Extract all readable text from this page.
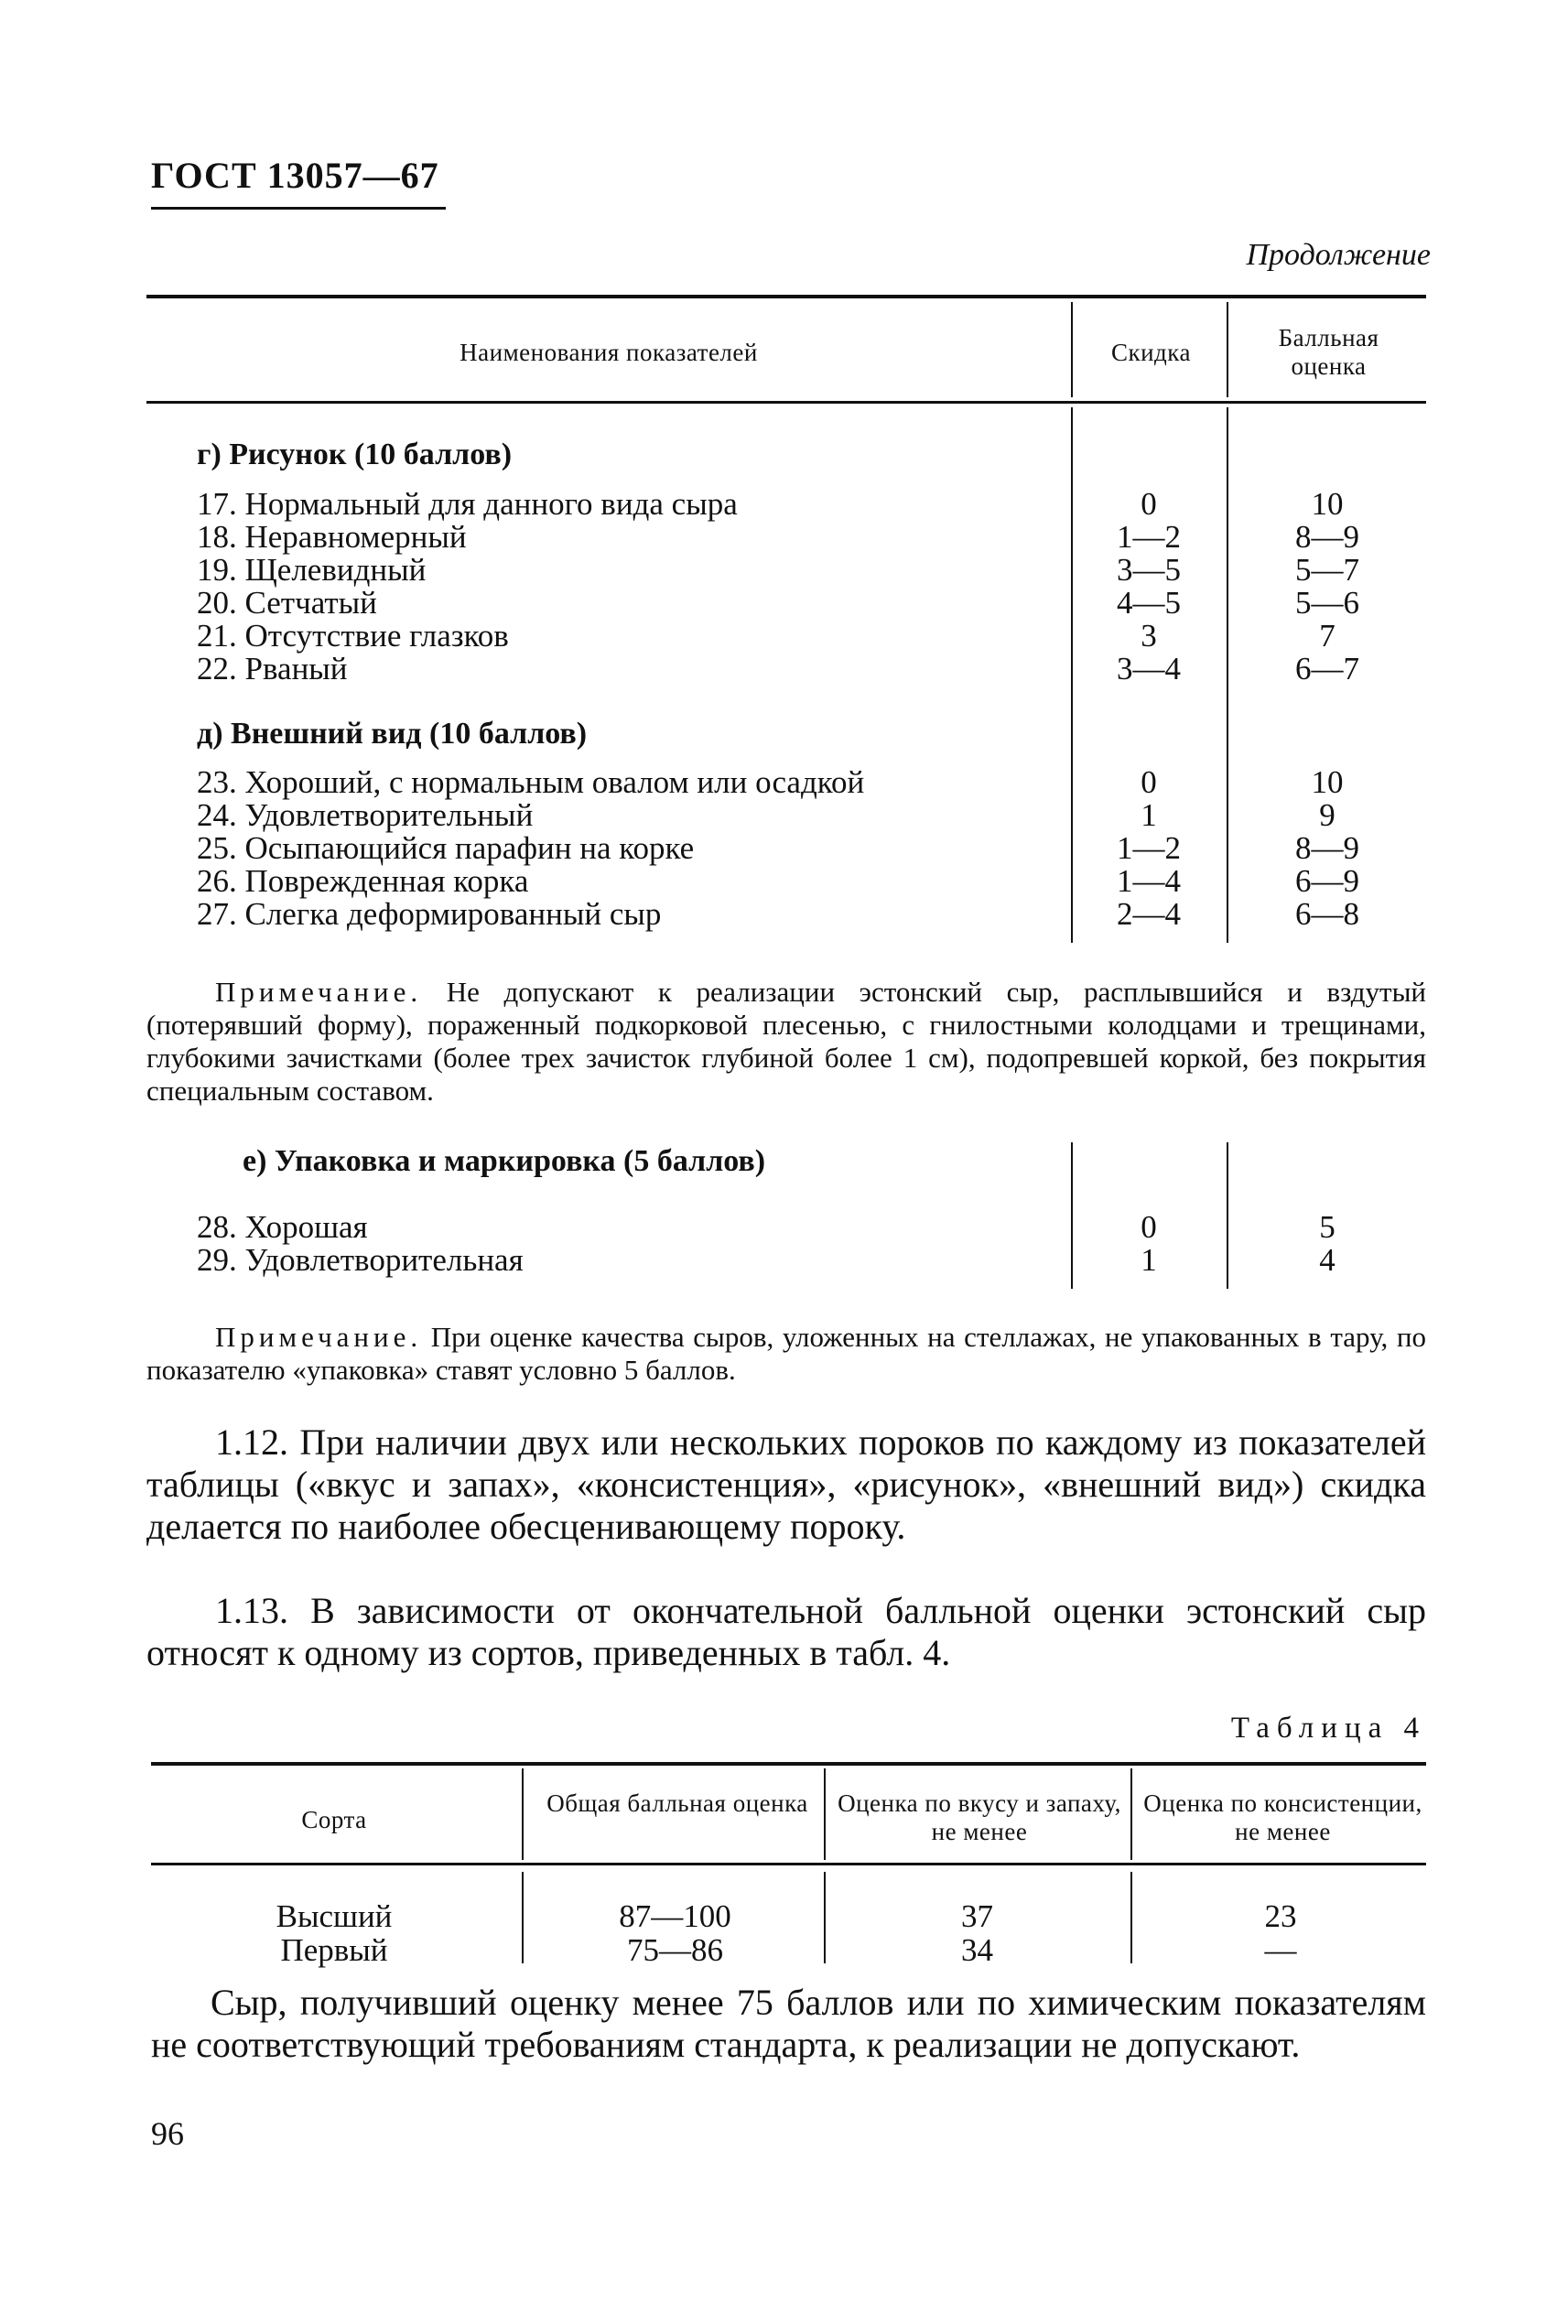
ГОСТ 13057—67
Продолжение
Наименования показателей	Скидка
Балльная
оценка
г) Рисунок (10 баллов)
17. Нормальный для данного вида сыра
18. Неравномерный
19. Щелевидный
20. Сетчатый
21. Отсутствие глазков
22. Рваный
0
1—2
3—5
4—5
3
3—4
10
8—9
5—7
5—6
7
6—7
д) Внешний вид (10 баллов)
23. Хороший, с нормальным овалом или осадкой
24. Удовлетворительный
25. Осыпающийся парафин на корке
26. Поврежденная корка
27. Слегка деформированный сыр
0
1
1—2
1—4
2—4
10
9
8—9
6—9
6—8
Примечание. Не допускают к реализации эстонский сыр, расплывшийся и вздутый (потерявший форму), пораженный подкорковой плесенью, с гнилостными колодцами и трещинами, глубокими зачистками (более трех зачисток глубиной более 1 см), подопревшей коркой, без покрытия специальным составом.
е) Упаковка и маркировка (5 баллов)
28. Хорошая
29. Удовлетворительная
0
1
5
4
Примечание. При оценке качества сыров, уложенных на стеллажах, не упакованных в тару, по показателю «упаковка» ставят условно 5 баллов.
1.12. При наличии двух или нескольких пороков по каждому из показателей таблицы («вкус и запах», «консистенция», «рисунок», «внешний вид») скидка делается по наиболее обесценивающему пороку.
1.13. В зависимости от окончательной балльной оценки эстонский сыр относят к одному из сортов, приведенных в табл. 4.
Таблица 4
Сорта
Общая балльная оценка Оценка по вкусу и запаху, не менее
Оценка по консистенции, не менее
Высший
Первый
87—100
75—86
37
34
23
—
Сыр, получивший оценку менее 75 баллов или по химическим показателям не соответствующий требованиям стандарта, к реализации не допускают.
96
